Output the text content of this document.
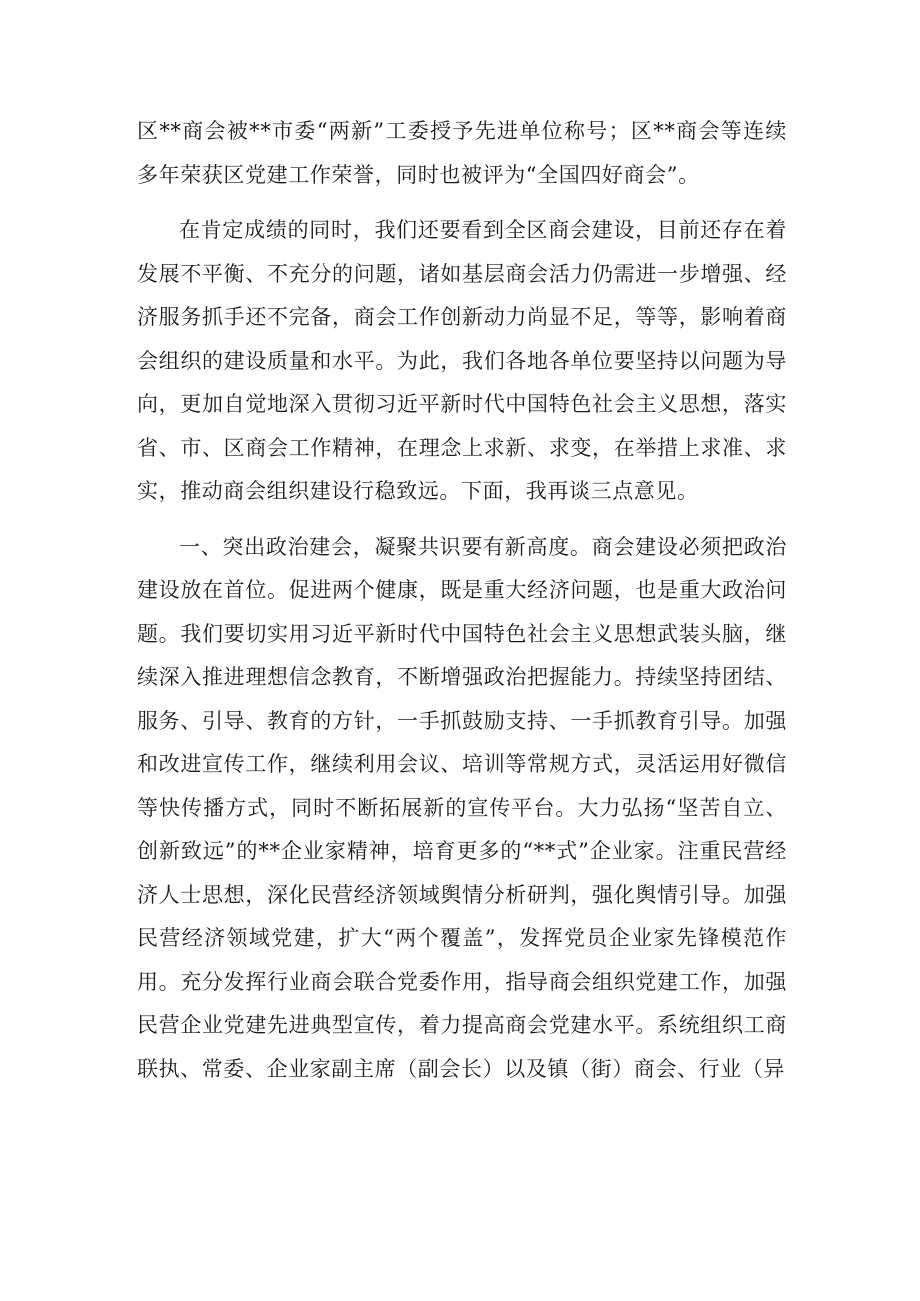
区**商会被**市委“两新”工委授予先进单位称号；区**商会等连续多年荣获区党建工作荣誉，同时也被评为“全国四好商会”。

在肯定成绩的同时，我们还要看到全区商会建设，目前还存在着发展不平衡、不充分的问题，诸如基层商会活力仍需进一步增强、经济服务抓手还不完备，商会工作创新动力尚显不足，等等，影响着商会组织的建设质量和水平。为此，我们各地各单位要坚持以问题为导向，更加自觉地深入贯彻习近平新时代中国特色社会主义思想，落实省、市、区商会工作精神，在理念上求新、求变，在举措上求准、求实，推动商会组织建设行稳致远。下面，我再谈三点意见。

一、突出政治建会，凝聚共识要有新高度。商会建设必须把政治建设放在首位。促进两个健康，既是重大经济问题，也是重大政治问题。我们要切实用习近平新时代中国特色社会主义思想武装头脑，继续深入推进理想信念教育，不断增强政治把握能力。持续坚持团结、服务、引导、教育的方针，一手抓鼓励支持、一手抓教育引导。加强和改进宣传工作，继续利用会议、培训等常规方式，灵活运用好微信等快传播方式，同时不断拓展新的宣传平台。大力弘扬“坚苦自立、创新致远”的**企业家精神，培育更多的“**式”企业家。注重民营经济人士思想，深化民营经济领域舆情分析研判，强化舆情引导。加强民营经济领域党建，扩大“两个覆盖”，发挥党员企业家先锋模范作用。充分发挥行业商会联合党委作用，指导商会组织党建工作，加强民营企业党建先进典型宣传，着力提高商会党建水平。系统组织工商联执、常委、企业家副主席（副会长）以及镇（街）商会、行业（异
